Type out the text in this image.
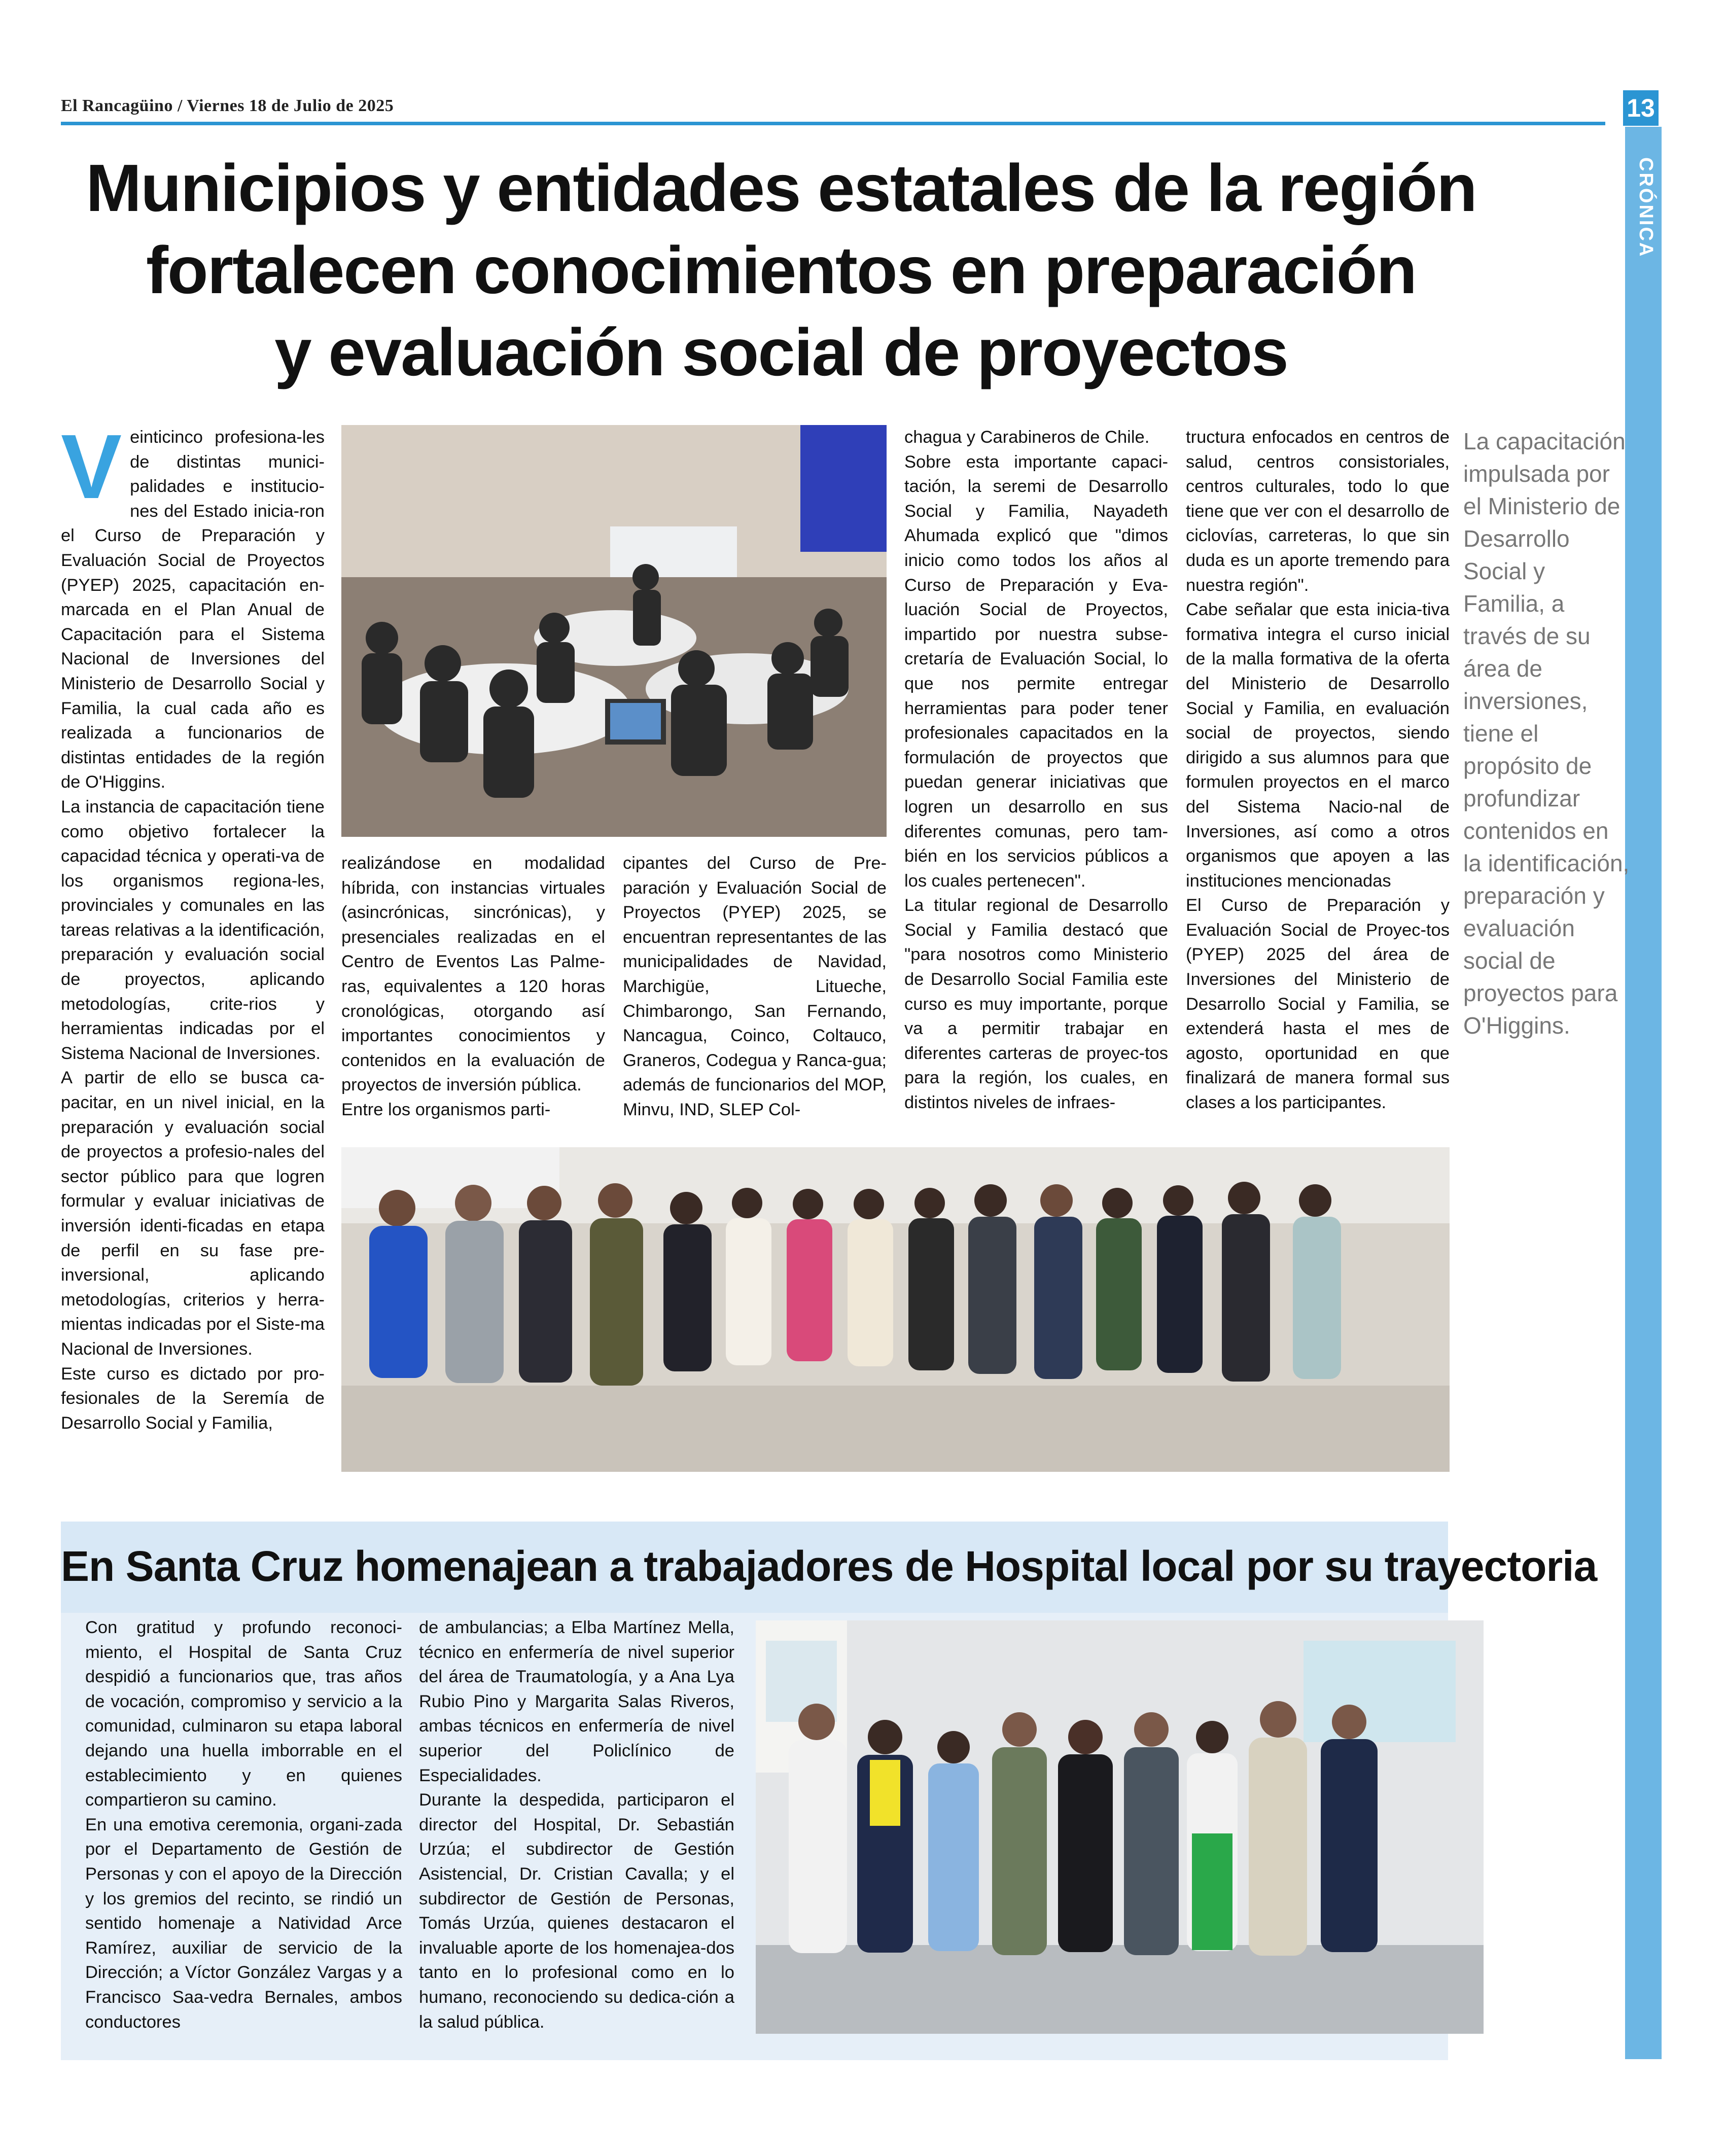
El Rancagüino / Viernes 18 de Julio de 2025	13
CRÓNICA
Municipios y entidades estatales de la región
fortalecen conocimientos en preparación
y evaluación social de proyectos
V einticinco profesiona-les de distintas munici-palidades e institucio-nes del Estado inicia-ron el Curso de Preparación y Evaluación Social de Proyectos (PYEP) 2025, capacitación en-marcada en el Plan Anual de Capacitación para el Sistema Nacional de Inversiones del Ministerio de Desarrollo Social y Familia, la cual cada año es realizada a funcionarios de distintas entidades de la región de O'Higgins.

La instancia de capacitación tiene como objetivo fortalecer la capacidad técnica y operati-va de los organismos regiona-les, provinciales y comunales en las tareas relativas a la identificación, preparación y evaluación social de proyectos, aplicando metodologías, crite-rios y herramientas indicadas por el Sistema Nacional de Inversiones.

A partir de ello se busca ca-pacitar, en un nivel inicial, en la preparación y evaluación social de proyectos a profesio-nales del sector público para que logren formular y evaluar iniciativas de inversión identi-ficadas en etapa de perfil en su fase pre-inversional, aplicando metodologías, criterios y herra-mientas indicadas por el Siste-ma Nacional de Inversiones.

Este curso es dictado por pro-fesionales de la Seremía de Desarrollo Social y Familia,

realizándose en modalidad híbrida, con instancias virtuales (asincrónicas, sincrónicas), y presenciales realizadas en el Centro de Eventos Las Palme-ras, equivalentes a 120 horas cronológicas, otorgando así importantes conocimientos y contenidos en la evaluación de proyectos de inversión pública.

Entre los organismos parti-

cipantes del Curso de Pre-paración y Evaluación Social de Proyectos (PYEP) 2025, se encuentran representantes de las municipalidades de Navidad, Marchigüe, Litueche, Chimbarongo, San Fernando, Nancagua, Coinco, Coltauco, Graneros, Codegua y Ranca-gua; además de funcionarios del MOP, Minvu, IND, SLEP Col-

chagua y Carabineros de Chile.

Sobre esta importante capaci-tación, la seremi de Desarrollo Social y Familia, Nayadeth Ahumada explicó que "dimos inicio como todos los años al Curso de Preparación y Eva-luación Social de Proyectos, impartido por nuestra subse-cretaría de Evaluación Social, lo que nos permite entregar herramientas para poder tener profesionales capacitados en la formulación de proyectos que puedan generar iniciativas que logren un desarrollo en sus diferentes comunas, pero tam-bién en los servicios públicos a los cuales pertenecen".

La titular regional de Desarrollo Social y Familia destacó que "para nosotros como Ministerio de Desarrollo Social Familia este curso es muy importante, porque va a permitir trabajar en diferentes carteras de proyec-tos para la región, los cuales, en distintos niveles de infraes-

tructura enfocados en centros de salud, centros consistoriales, centros culturales, todo lo que tiene que ver con el desarrollo de ciclovías, carreteras, lo que sin duda es un aporte tremendo para nuestra región".

Cabe señalar que esta inicia-tiva formativa integra el curso inicial de la malla formativa de la oferta del Ministerio de Desarrollo Social y Familia, en evaluación social de proyectos, siendo dirigido a sus alumnos para que formulen proyectos en el marco del Sistema Nacio-nal de Inversiones, así como a otros organismos que apoyen a las instituciones mencionadas

El Curso de Preparación y Evaluación Social de Proyec-tos (PYEP) 2025 del área de Inversiones del Ministerio de Desarrollo Social y Familia, se extenderá hasta el mes de agosto, oportunidad en que finalizará de manera formal sus clases a los participantes.

La capacitación impulsada por el Ministerio de Desarrollo Social y Familia, a través de su área de inversiones, tiene el propósito de profundizar contenidos en la identificación, preparación y evaluación social de proyectos para O'Higgins.
En Santa Cruz homenajean a trabajadores de Hospital local por su trayectoria

Con gratitud y profundo reconoci-miento, el Hospital de Santa Cruz despidió a funcionarios que, tras años de vocación, compromiso y servicio a la comunidad, culminaron su etapa laboral dejando una huella imborrable en el establecimiento y en quienes compartieron su camino.

En una emotiva ceremonia, organi-zada por el Departamento de Gestión de Personas y con el apoyo de la Dirección y los gremios del recinto, se rindió un sentido homenaje a Natividad Arce Ramírez, auxiliar de servicio de la Dirección; a Víctor González Vargas y a Francisco Saa-vedra Bernales, ambos conductores

de ambulancias; a Elba Martínez Mella, técnico en enfermería de nivel superior del área de Traumatología, y a Ana Lya Rubio Pino y Margarita Salas Riveros, ambas técnicos en enfermería de nivel superior del Policlínico de Especialidades.

Durante la despedida, participaron el director del Hospital, Dr. Sebastián Urzúa; el subdirector de Gestión Asistencial, Dr. Cristian Cavalla; y el subdirector de Gestión de Personas, Tomás Urzúa, quienes destacaron el invaluable aporte de los homenajea-dos tanto en lo profesional como en lo humano, reconociendo su dedica-ción a la salud pública.
